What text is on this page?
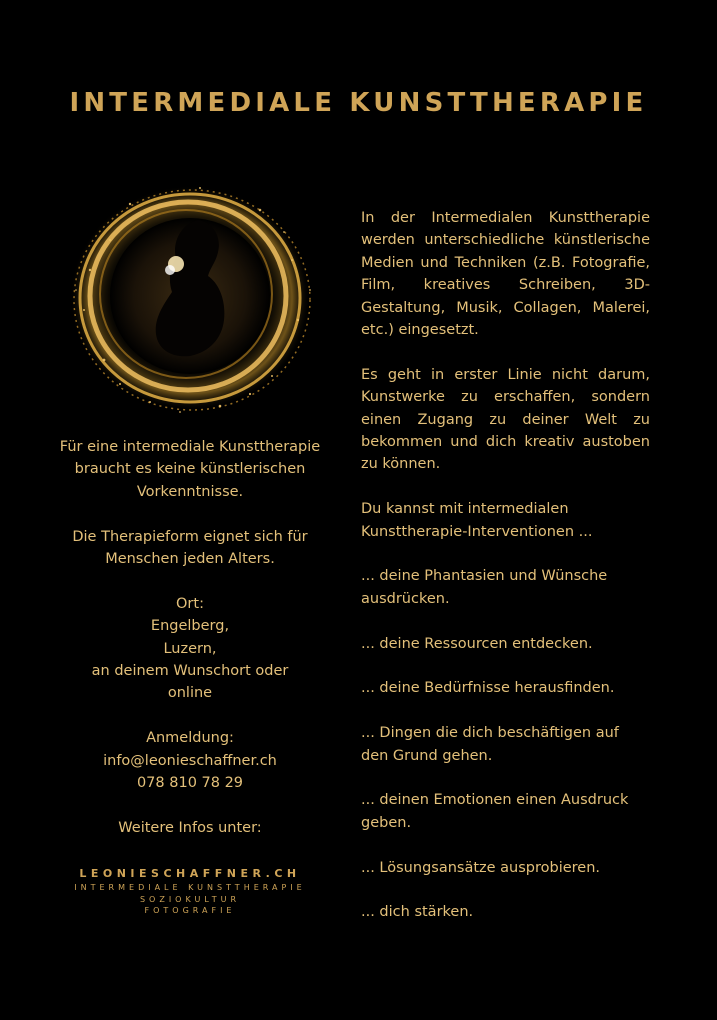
INTERMEDIALE KUNSTTHERAPIE

Für eine intermediale Kunsttherapie

braucht es keine künstlerischen

Vorkenntnisse.

Die Therapieform eignet sich für

Menschen jeden Alters.

Ort:

Engelberg,

Luzern,

an deinem Wunschort oder

online

Anmeldung:

info@leonieschaffner.ch

078 810 78 29

Weitere Infos unter:

LEONIESCHAFFNER.CH
INTERMEDIALE KUNSTTHERAPIE
SOZIOKULTUR
FOTOGRAFIE

In der Intermedialen Kunsttherapie werden unterschiedliche künstlerische Medien und Techniken (z.B. Fotografie, Film, kreatives Schreiben, 3D-Gestaltung, Musik, Collagen, Malerei, etc.) eingesetzt.

Es geht in erster Linie nicht darum, Kunstwerke zu erschaffen, sondern einen Zugang zu deiner Welt zu bekommen und dich kreativ austoben zu können.

Du kannst mit intermedialen

Kunsttherapie-Interventionen ...

... deine Phantasien und Wünsche ausdrücken.

... deine Ressourcen entdecken.

... deine Bedürfnisse herausfinden.

... Dingen die dich beschäftigen auf den Grund gehen.

... deinen Emotionen einen Ausdruck geben.

... Lösungsansätze ausprobieren.

... dich stärken.
